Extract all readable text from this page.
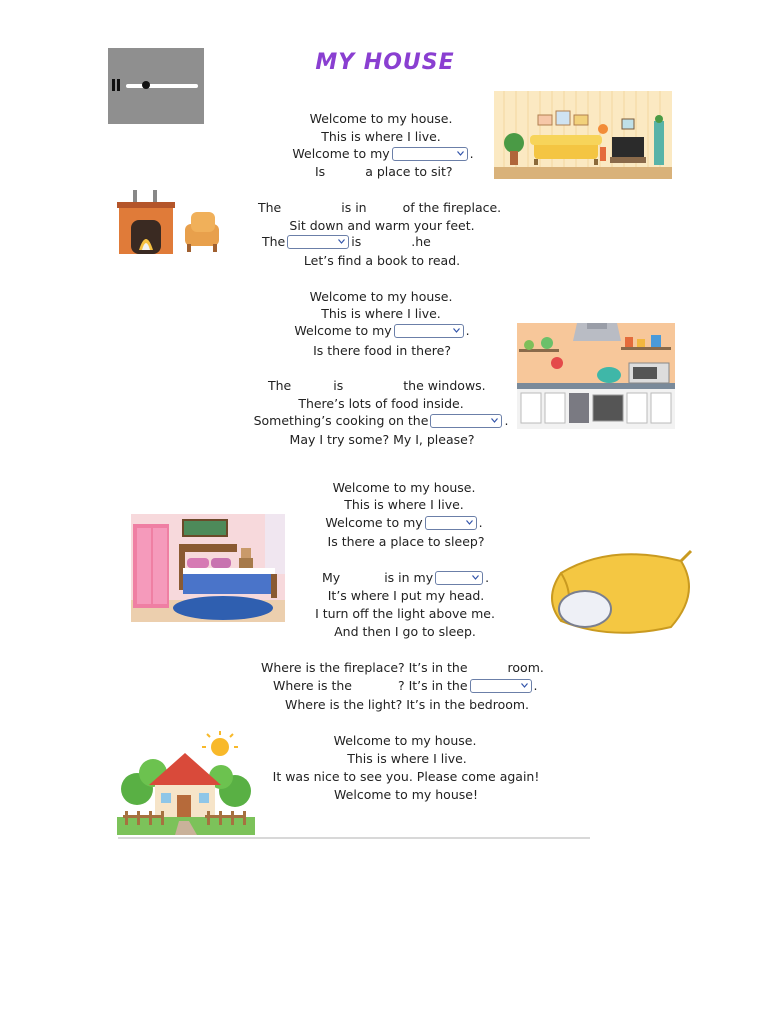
MY HOUSE
Welcome to my house.
This is where I live.
Welcome to my	.
Is	a place to sit?
The	is in	of the fireplace.
Sit down and warm your feet.
The	is	.he
Let’s find a book to read.
Welcome to my house.
This is where I live.
Welcome to my	.
Is there food in there?
The	is	the windows.
There’s lots of food inside.
Something’s cooking on the	.
May I try some? My I, please?
Welcome to my house.
This is where I live.
Welcome to my	.
Is there a place to sleep?
My	is in my	.
It’s where I put my head.
I turn off the light above me.
And then I go to sleep.
Where is the fireplace? It’s in the	room.
Where is the	? It’s in the	.
Where is the light? It’s in the bedroom.
Welcome to my house.
This is where I live.
It was nice to see you. Please come again!
Welcome to my house!
